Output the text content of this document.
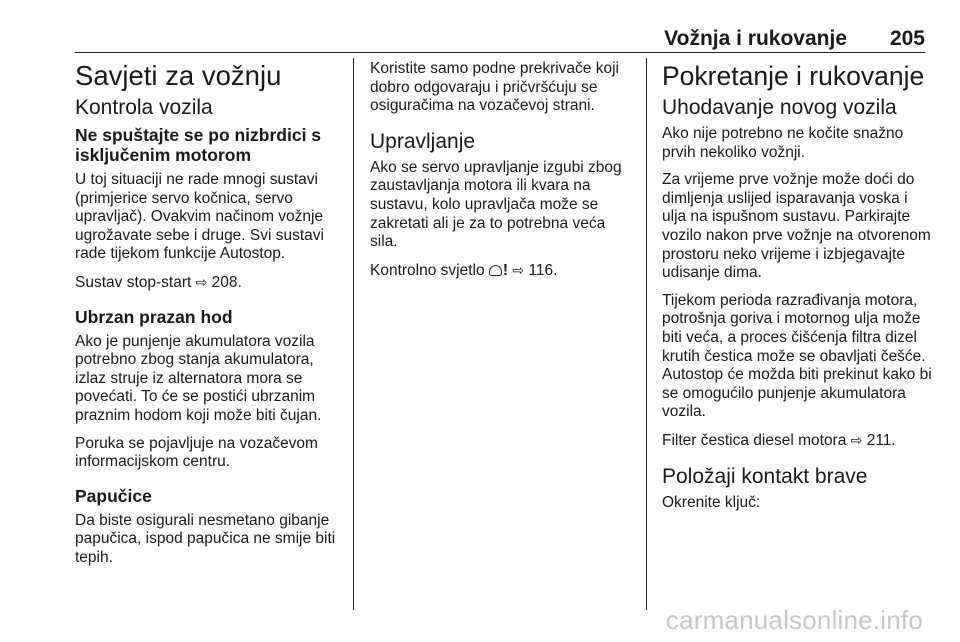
Vožnja i rukovanje 205
Savjeti za vožnju
Kontrola vozila
Ne spuštajte se po nizbrdici s isključenim motorom

U toj situaciji ne rade mnogi sustavi (primjerice servo kočnica, servo upravljač). Ovakvim načinom vožnje ugrožavate sebe i druge. Svi sustavi rade tijekom funkcije Autostop.

Sustav stop-start ⇨ 208.

Ubrzan prazan hod

Ako je punjenje akumulatora vozila potrebno zbog stanja akumulatora, izlaz struje iz alternatora mora se povećati. To će se postići ubrzanim praznim hodom koji može biti čujan.

Poruka se pojavljuje na vozačevom informacijskom centru.

Papučice

Da biste osigurali nesmetano gibanje papučica, ispod papučica ne smije biti tepih.

Koristite samo podne prekrivače koji dobro odgovaraju i pričvršćuju se osiguračima na vozačevoj strani.

Upravljanje

Ako se servo upravljanje izgubi zbog zaustavljanja motora ili kvara na sustavu, kolo upravljača može se zakretati ali je za to potrebna veća sila.

Kontrolno svjetlo ! ⇨ 116.

Pokretanje i rukovanje
Uhodavanje novog vozila

Ako nije potrebno ne kočite snažno prvih nekoliko vožnji.

Za vrijeme prve vožnje može doći do dimljenja uslijed isparavanja voska i ulja na ispušnom sustavu. Parkirajte vozilo nakon prve vožnje na otvorenom prostoru neko vrijeme i izbjegavajte udisanje dima.

Tijekom perioda razrađivanja motora, potrošnja goriva i motornog ulja može biti veća, a proces čišćenja filtra dizel krutih čestica može se obavljati češće. Autostop će možda biti prekinut kako bi se omogućilo punjenje akumulatora vozila.

Filter čestica diesel motora ⇨ 211.

Položaji kontakt brave

Okrenite ključ:

carmanualsonline.info
